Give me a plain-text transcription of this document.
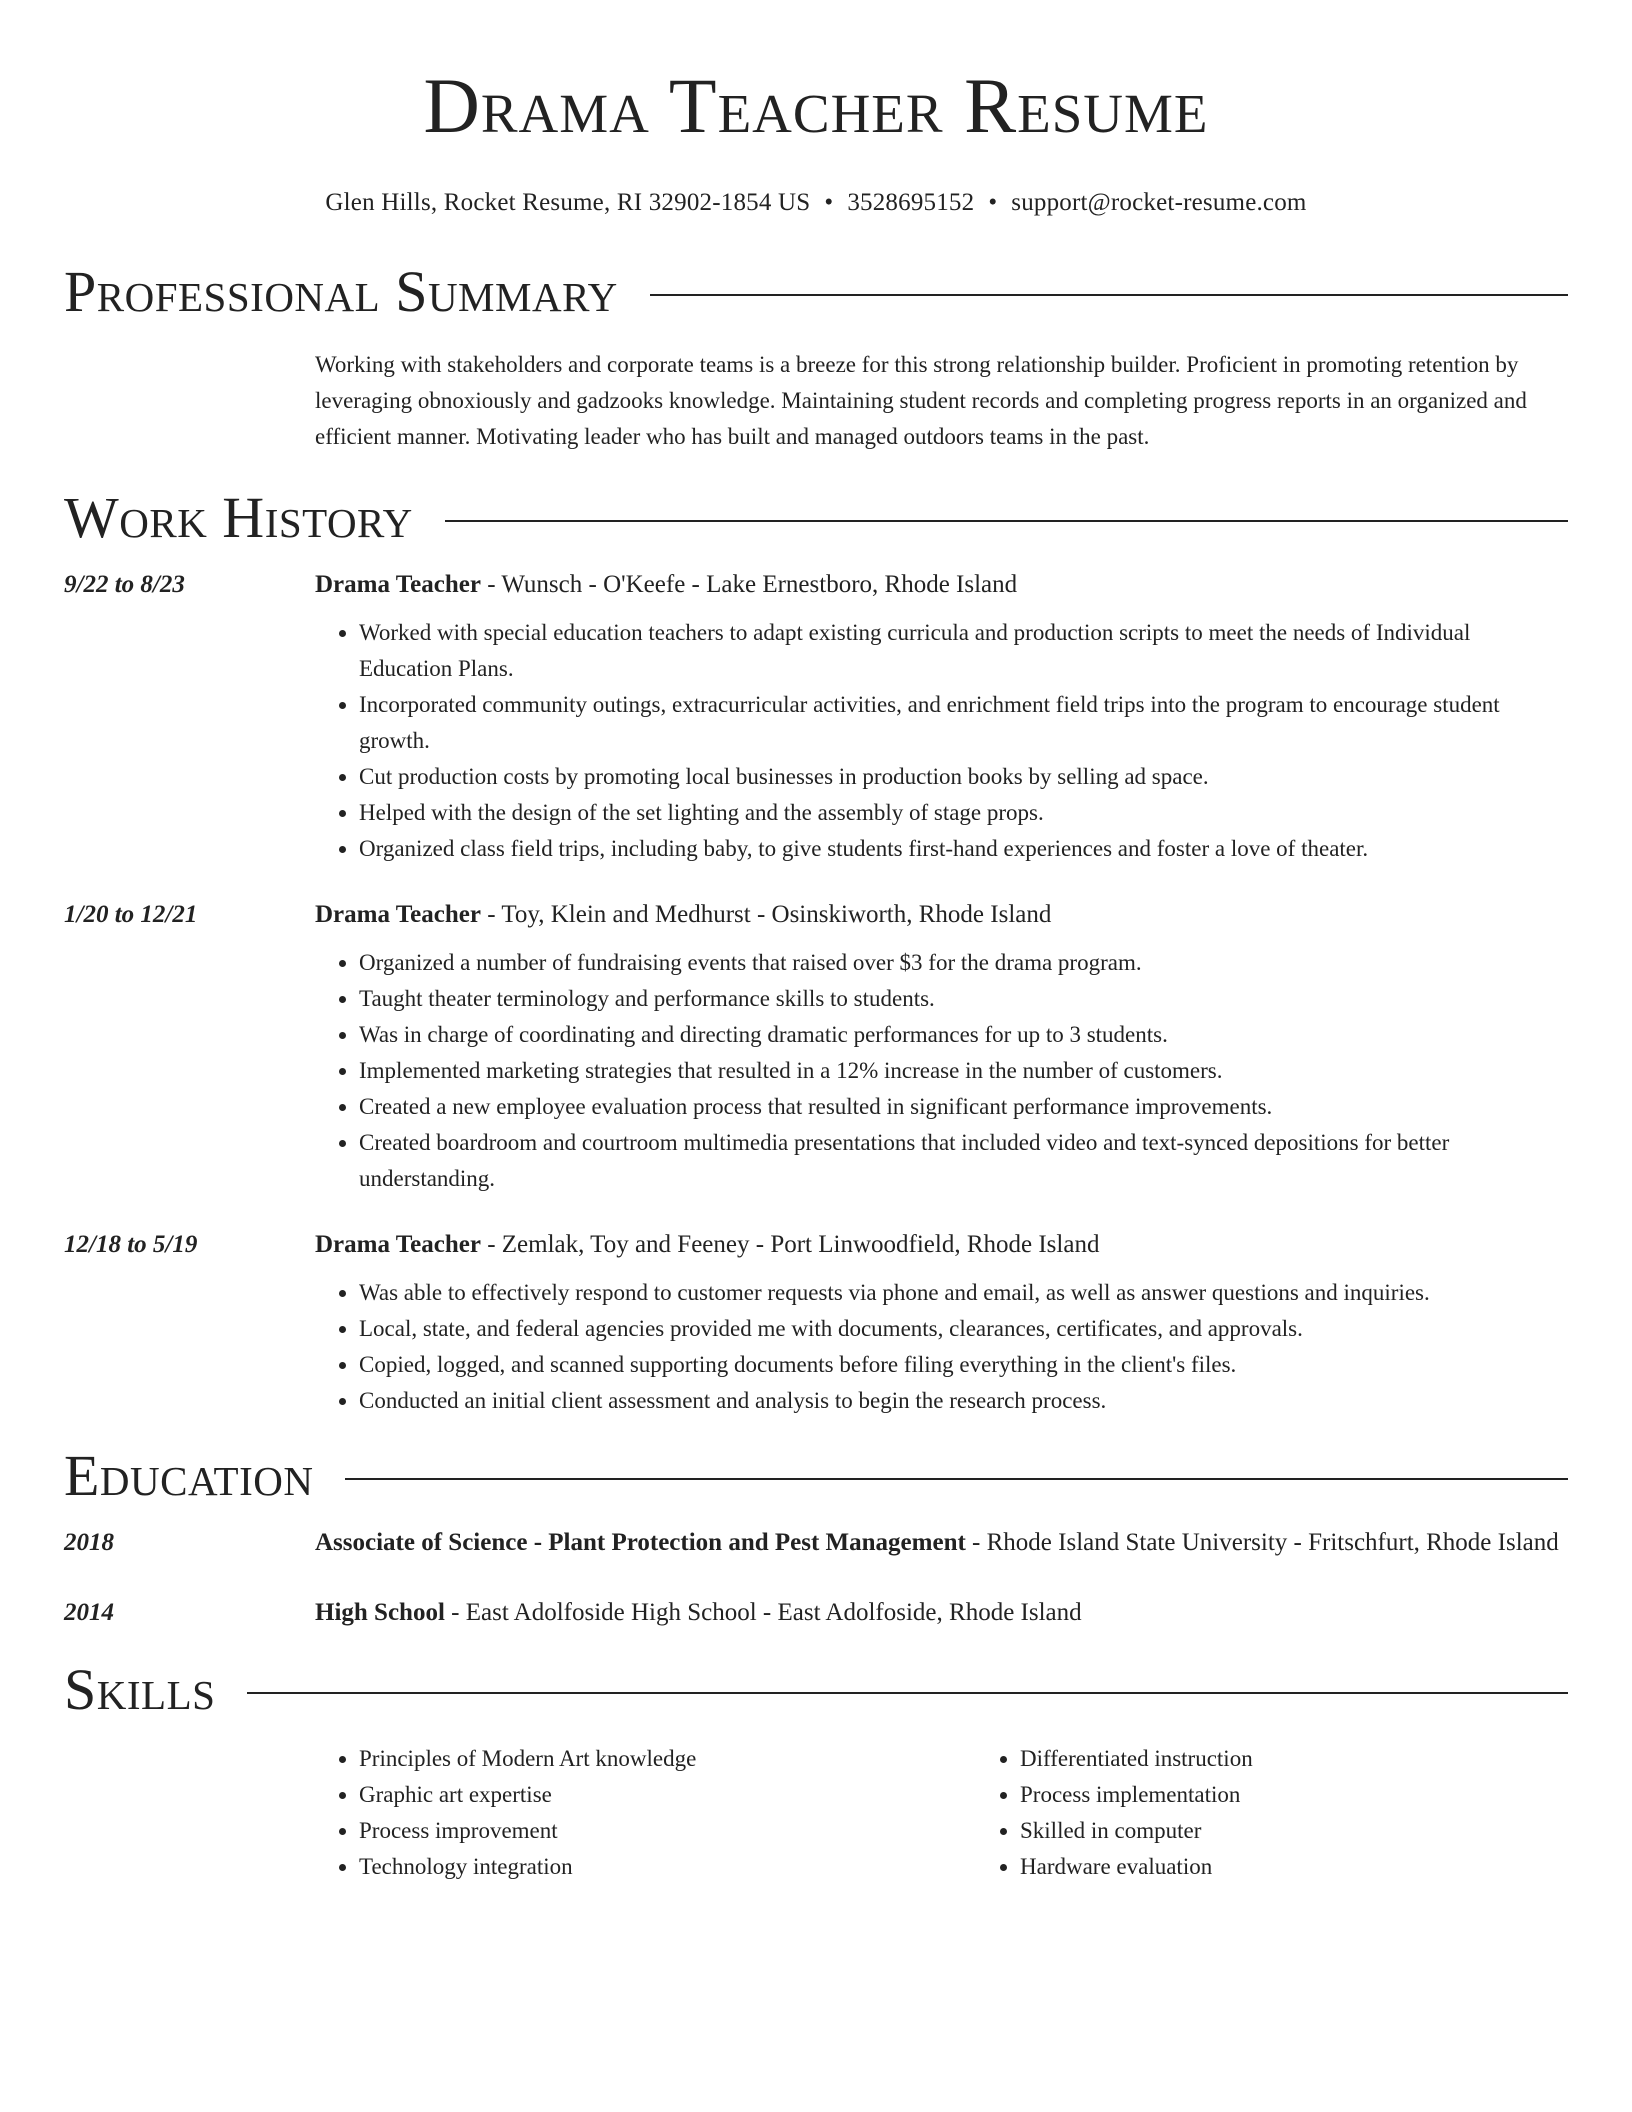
Drama Teacher Resume
Glen Hills, Rocket Resume, RI 32902-1854 US • 3528695152 • support@rocket-resume.com
Professional Summary
Working with stakeholders and corporate teams is a breeze for this strong relationship builder. Proficient in promoting retention by leveraging obnoxiously and gadzooks knowledge. Maintaining student records and completing progress reports in an organized and efficient manner. Motivating leader who has built and managed outdoors teams in the past.
Work History
9/22 to 8/23	Drama Teacher - Wunsch - O'Keefe - Lake Ernestboro, Rhode Island
• Worked with special education teachers to adapt existing curricula and production scripts to meet the needs of Individual Education Plans.
• Incorporated community outings, extracurricular activities, and enrichment field trips into the program to encourage student growth.
• Cut production costs by promoting local businesses in production books by selling ad space.
• Helped with the design of the set lighting and the assembly of stage props.
• Organized class field trips, including baby, to give students first-hand experiences and foster a love of theater.
1/20 to 12/21	Drama Teacher - Toy, Klein and Medhurst - Osinskiworth, Rhode Island
• Organized a number of fundraising events that raised over $3 for the drama program.
• Taught theater terminology and performance skills to students.
• Was in charge of coordinating and directing dramatic performances for up to 3 students.
• Implemented marketing strategies that resulted in a 12% increase in the number of customers.
• Created a new employee evaluation process that resulted in significant performance improvements.
• Created boardroom and courtroom multimedia presentations that included video and text-synced depositions for better understanding.
12/18 to 5/19	Drama Teacher - Zemlak, Toy and Feeney - Port Linwoodfield, Rhode Island
• Was able to effectively respond to customer requests via phone and email, as well as answer questions and inquiries.
• Local, state, and federal agencies provided me with documents, clearances, certificates, and approvals.
• Copied, logged, and scanned supporting documents before filing everything in the client's files.
• Conducted an initial client assessment and analysis to begin the research process.
Education
2018	Associate of Science - Plant Protection and Pest Management - Rhode Island State University - Fritschfurt, Rhode Island
2014	High School - East Adolfoside High School - East Adolfoside, Rhode Island
Skills
• Principles of Modern Art knowledge
• Graphic art expertise
• Process improvement
• Technology integration
• Differentiated instruction
• Process implementation
• Skilled in computer
• Hardware evaluation
